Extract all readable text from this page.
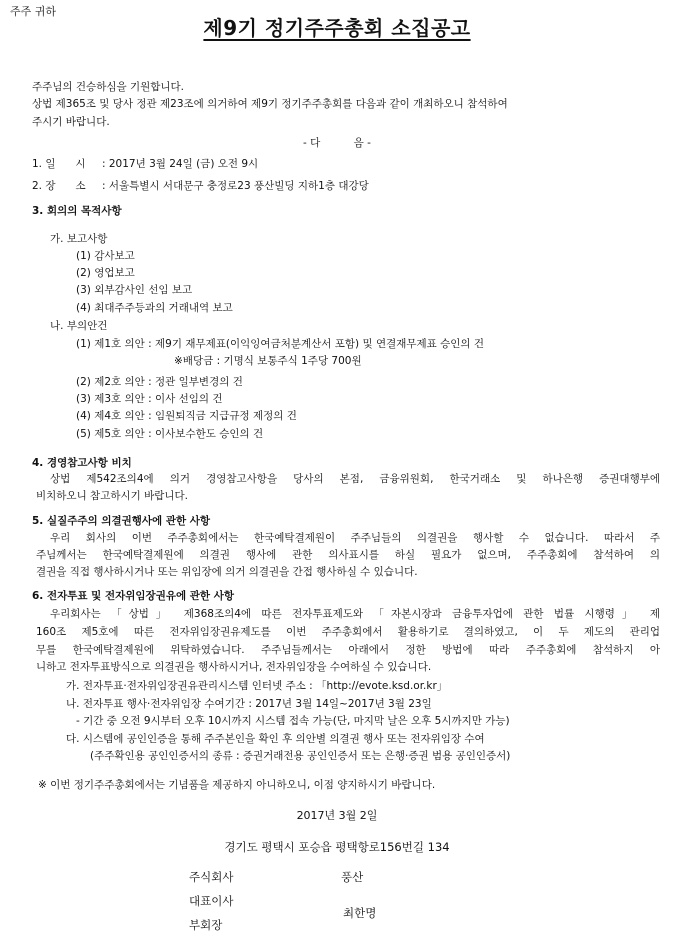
주주 귀하
제9기 정기주주총회 소집공고
주주님의 건승하심을 기원합니다.
상법 제365조 및 당사 정관 제23조에 의거하여 제9기 정기주주총회를 다음과 같이 개최하오니 참석하여
주시기 바랍니다.
- 다          음 -
1. 일      시 : 2017년 3월 24일 (금) 오전 9시
2. 장      소 : 서울특별시 서대문구 충정로23 풍산빌딩 지하1층 대강당
3. 회의의 목적사항
가. 보고사항
(1) 감사보고
(2) 영업보고
(3) 외부감사인 선임 보고
(4) 최대주주등과의 거래내역 보고
나. 부의안건
(1) 제1호 의안 : 제9기 재무제표(이익잉여금처분계산서 포함) 및 연결재무제표 승인의 건
※배당금 : 기명식 보통주식 1주당 700원
(2) 제2호 의안 : 정관 일부변경의 건
(3) 제3호 의안 : 이사 선임의 건
(4) 제4호 의안 : 임원퇴직금 지급규정 제정의 건
(5) 제5호 의안 : 이사보수한도 승인의 건
4. 경영참고사항 비치
상법 제542조의4에 의거 경영참고사항을 당사의 본점, 금융위원회, 한국거래소 및 하나은행 증권대행부에
비치하오니 참고하시기 바랍니다.
5. 실질주주의 의결권행사에 관한 사항
우리 회사의 이번 주주총회에서는 한국예탁결제원이 주주님들의 의결권을 행사할 수 없습니다. 따라서 주
주님께서는 한국예탁결제원에 의결권 행사에 관한 의사표시를 하실 필요가 없으며, 주주총회에 참석하여 의
결권을 직접 행사하시거나 또는 위임장에 의거 의결권을 간접 행사하실 수 있습니다.
6. 전자투표 및 전자위임장권유에 관한 사항
우리회사는 「상법」 제368조의4에 따른 전자투표제도와 「자본시장과 금융투자업에 관한 법률 시행령」 제
160조 제5호에 따른 전자위임장권유제도를 이번 주주총회에서 활용하기로 결의하였고, 이 두 제도의 관리업
무를 한국예탁결제원에 위탁하였습니다. 주주님들께서는 아래에서 정한 방법에 따라 주주총회에 참석하지 아
니하고 전자투표방식으로 의결권을 행사하시거나, 전자위임장을 수여하실 수 있습니다.
가. 전자투표·전자위임장권유관리시스템 인터넷 주소 : 「http://evote.ksd.or.kr」
나. 전자투표 행사·전자위임장 수여기간 : 2017년 3월 14일~2017년 3월 23일
- 기간 중 오전 9시부터 오후 10시까지 시스템 접속 가능(단, 마지막 날은 오후 5시까지만 가능)
다. 시스템에 공인인증을 통해 주주본인을 확인 후 의안별 의결권 행사 또는 전자위임장 수여
(주주확인용 공인인증서의 종류 : 증권거래전용 공인인증서 또는 은행·증권 범용 공인인증서)
※ 이번 정기주주총회에서는 기념품을 제공하지 아니하오니, 이점 양지하시기 바랍니다.
2017년 3월 2일
경기도 평택시 포승읍 평택항로156번길 134
주식회사	풍산
대표이사
부회장
최한명
